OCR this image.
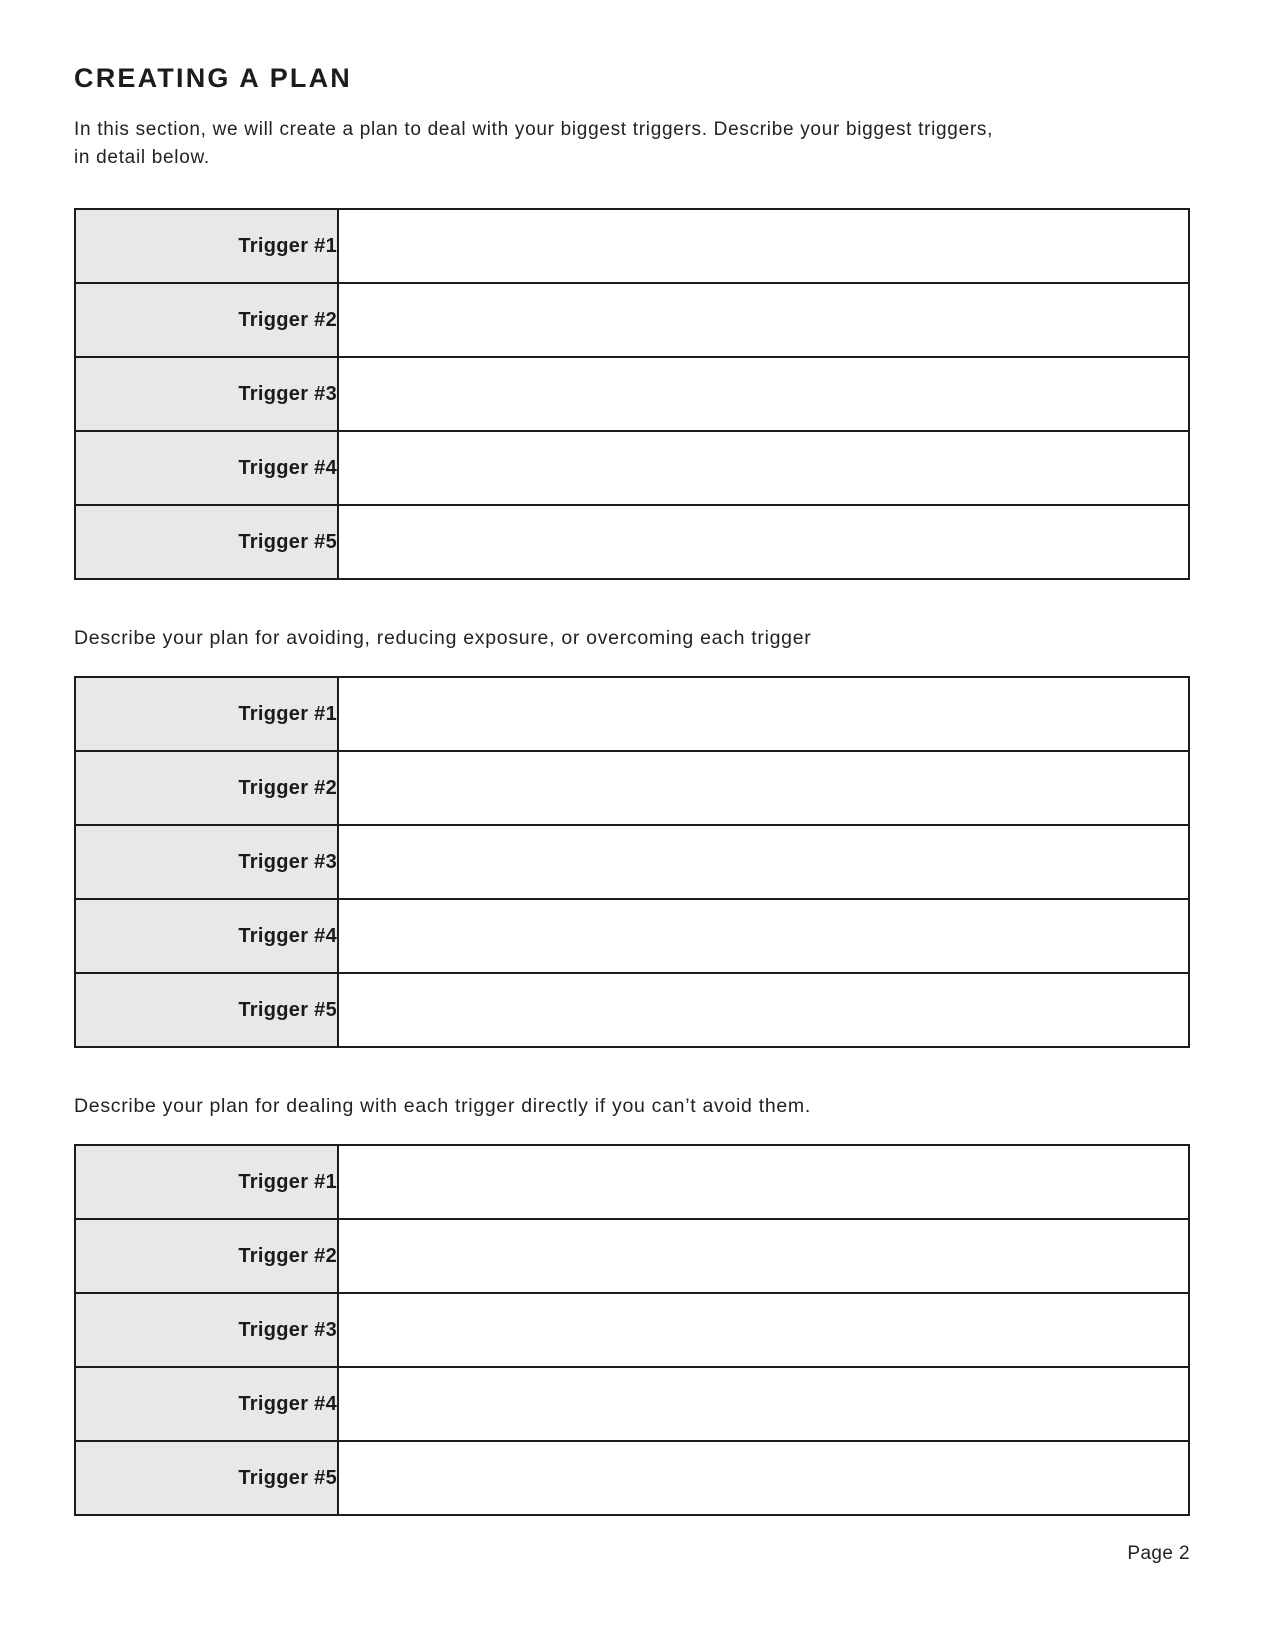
CREATING A PLAN

In this section, we will create a plan to deal with your biggest triggers. Describe your biggest triggers,
in detail below.

Trigger #1	
Trigger #2	
Trigger #3	
Trigger #4	
Trigger #5	

Describe your plan for avoiding, reducing exposure, or overcoming each trigger

Trigger #1	
Trigger #2	
Trigger #3	
Trigger #4	
Trigger #5	

Describe your plan for dealing with each trigger directly if you can’t avoid them.

Trigger #1	
Trigger #2	
Trigger #3	
Trigger #4	
Trigger #5	
Page 2
